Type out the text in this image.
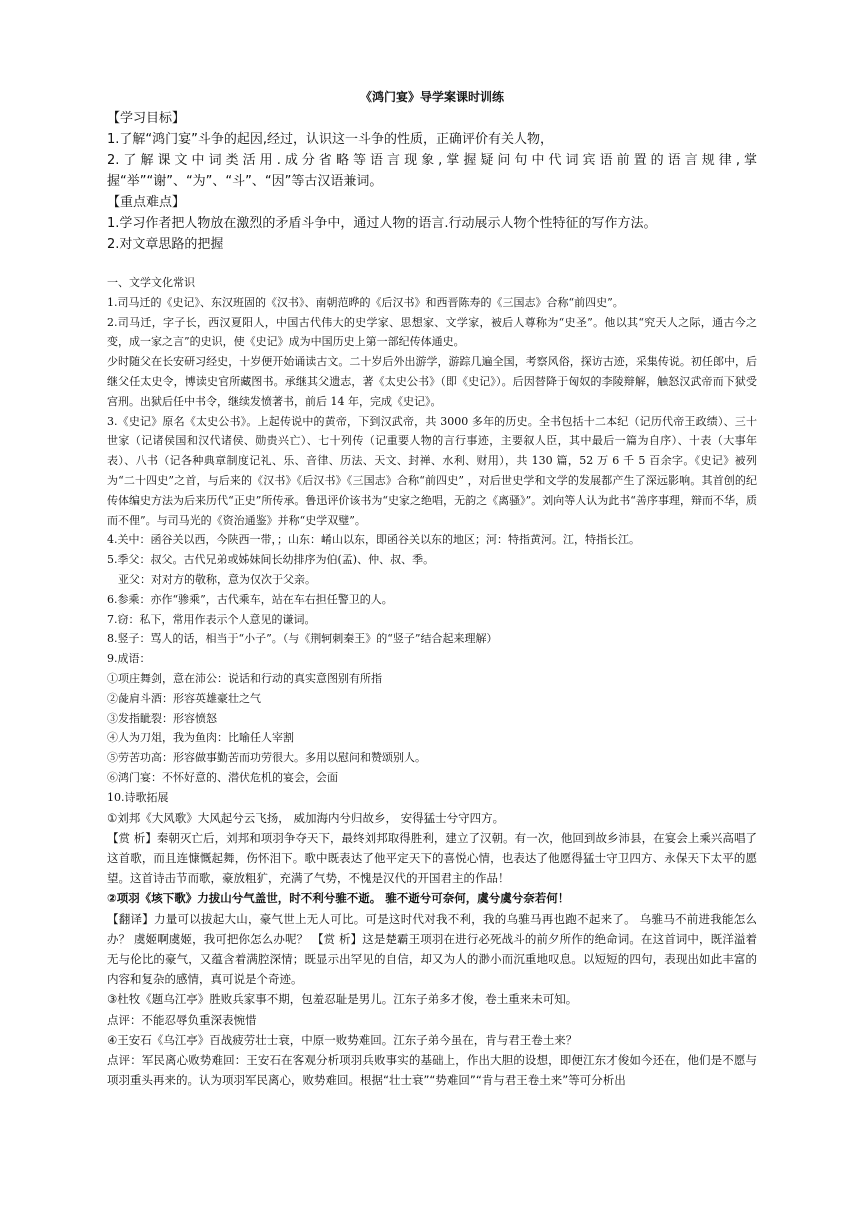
《鸿门宴》导学案课时训练

【学习目标】

1.了解“鸿门宴”斗争的起因,经过，认识这一斗争的性质，正确评价有关人物，

2.了解课文中词类活用.成分省略等语言现象,掌握疑问句中代词宾语前置的语言规律,掌握“举”“谢”、“为”、“斗”、“因”等古汉语兼词。

【重点难点】

1.学习作者把人物放在激烈的矛盾斗争中，通过人物的语言.行动展示人物个性特征的写作方法。

2.对文章思路的把握

一、文学文化常识

1.司马迁的《史记》、东汉班固的《汉书》、南朝范晔的《后汉书》和西晋陈寿的《三国志》合称“前四史”。

2.司马迁，字子长，西汉夏阳人，中国古代伟大的史学家、思想家、文学家，被后人尊称为“史圣”。他以其“究天人之际，通古今之变，成一家之言”的史识，使《史记》成为中国历史上第一部纪传体通史。

少时随父在长安研习经史，十岁便开始诵读古文。二十岁后外出游学，游踪几遍全国，考察风俗，探访古迹，采集传说。初任郎中，后继父任太史令，博读史官所藏图书。承继其父遗志，著《太史公书》（即《史记》）。后因替降于匈奴的李陵辩解，触怒汉武帝而下狱受宫刑。出狱后任中书令，继续发愤著书，前后 14 年，完成《史记》。

3.《史记》原名《太史公书》。上起传说中的黄帝，下到汉武帝，共 3000 多年的历史。全书包括十二本纪（记历代帝王政绩）、三十世家（记诸侯国和汉代诸侯、勋贵兴亡）、七十列传（记重要人物的言行事迹，主要叙人臣，其中最后一篇为自序）、十表（大事年表）、八书（记各种典章制度记礼、乐、音律、历法、天文、封禅、水利、财用），共 130 篇，52 万 6 千 5 百余字。《史记》被列为“二十四史”之首，与后来的《汉书》《后汉书》《三国志》合称“前四史” ，对后世史学和文学的发展都产生了深远影响。其首创的纪传体编史方法为后来历代“正史”所传承。鲁迅评价该书为“史家之绝唱，无韵之《离骚》”。刘向等人认为此书“善序事理，辩而不华，质而不俚”。与司马光的《资治通鉴》并称“史学双璧”。

4.关中：函谷关以西，今陕西一带，；山东：崤山以东，即函谷关以东的地区；河：特指黄河。江，特指长江。

5.季父：叔父。古代兄弟或姊妹间长幼排序为伯(孟)、仲、叔、季。

亚父：对对方的敬称，意为仅次于父亲。

6.参乘：亦作“骖乘”，古代乘车，站在车右担任警卫的人。

7.窃：私下，常用作表示个人意见的谦词。

8.竖子：骂人的话，相当于“小子”。（与《荆轲刺秦王》的“竖子”结合起来理解）

9.成语：

①项庄舞剑，意在沛公：说话和行动的真实意图别有所指

②彘肩斗酒：形容英雄豪壮之气

③发指眦裂：形容愤怒

④人为刀俎，我为鱼肉：比喻任人宰割

⑤劳苦功高：形容做事勤苦而功劳很大。多用以慰问和赞颂别人。

⑥鸿门宴：不怀好意的、潜伏危机的宴会，会面

10.诗歌拓展

①刘邦《大风歌》大风起兮云飞扬， 威加海内兮归故乡， 安得猛士兮守四方。

【赏 析】秦朝灭亡后，刘邦和项羽争夺天下，最终刘邦取得胜利，建立了汉朝。有一次，他回到故乡沛县，在宴会上乘兴高唱了这首歌，而且连慷慨起舞，伤怀泪下。歌中既表达了他平定天下的喜悦心情，也表达了他愿得猛士守卫四方、永保天下太平的愿望。这首诗击节而歌，豪放粗犷，充满了气势，不愧是汉代的开国君主的作品！

②项羽《垓下歌》力拔山兮气盖世，时不利兮骓不逝。 骓不逝兮可奈何，虞兮虞兮奈若何！

【翻译】力量可以拔起大山，豪气世上无人可比。可是这时代对我不利，我的乌骓马再也跑不起来了。 乌骓马不前进我能怎么办？ 虞姬啊虞姬，我可把你怎么办呢？ 【赏 析】这是楚霸王项羽在进行必死战斗的前夕所作的绝命词。在这首词中，既洋溢着无与伦比的豪气，又蕴含着满腔深情；既显示出罕见的自信，却又为人的渺小而沉重地叹息。以短短的四句，表现出如此丰富的内容和复杂的感情，真可说是个奇迹。

③杜牧《题乌江亭》胜败兵家事不期，包羞忍耻是男儿。江东子弟多才俊，卷土重来未可知。

点评：不能忍辱负重深表惋惜

④王安石《乌江亭》百战疲劳壮士衰，中原一败势难回。江东子弟今虽在，肯与君王卷土来？

点评：军民离心败势难回：王安石在客观分析项羽兵败事实的基础上，作出大胆的设想，即便江东才俊如今还在，他们是不愿与项羽重头再来的。认为项羽军民离心，败势难回。根据“壮士衰”“势难回”“肯与君王卷土来”等可分析出
